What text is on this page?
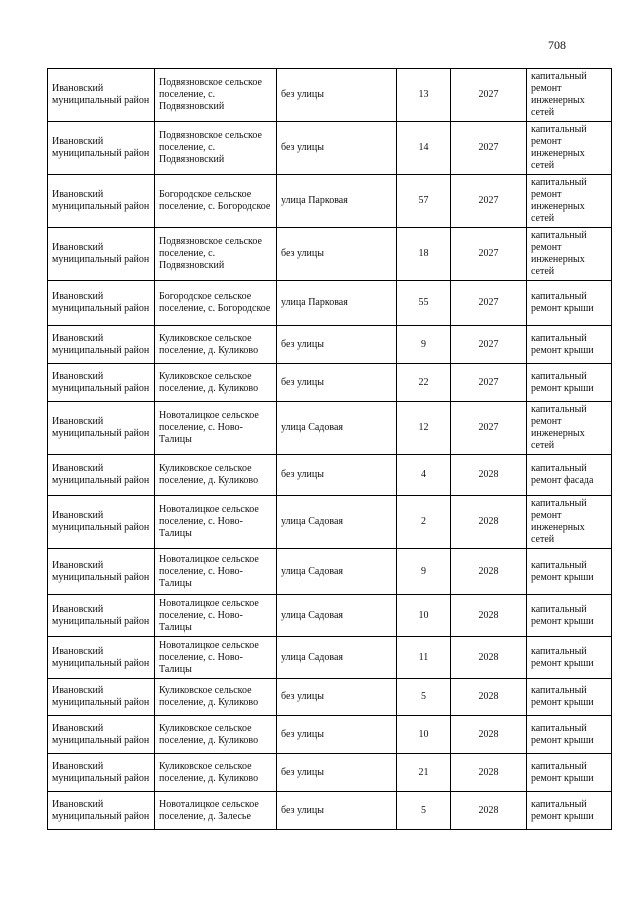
708
Ивановский муниципальный район	Подвязновское сельское поселение, с. Подвязновский	без улицы	13	2027	капитальный ремонт инженерных сетей
Ивановский муниципальный район	Подвязновское сельское поселение, с. Подвязновский	без улицы	14	2027	капитальный ремонт инженерных сетей
Ивановский муниципальный район	Богородское сельское поселение, с. Богородское	улица Парковая	57	2027	капитальный ремонт инженерных сетей
Ивановский муниципальный район	Подвязновское сельское поселение, с. Подвязновский	без улицы	18	2027	капитальный ремонт инженерных сетей
Ивановский муниципальный район	Богородское сельское поселение, с. Богородское	улица Парковая	55	2027	капитальный ремонт крыши
Ивановский муниципальный район	Куликовское сельское поселение, д. Куликово	без улицы	9	2027	капитальный ремонт крыши
Ивановский муниципальный район	Куликовское сельское поселение, д. Куликово	без улицы	22	2027	капитальный ремонт крыши
Ивановский муниципальный район	Новоталицкое сельское поселение, с. Ново-Талицы	улица Садовая	12	2027	капитальный ремонт инженерных сетей
Ивановский муниципальный район	Куликовское сельское поселение, д. Куликово	без улицы	4	2028	капитальный ремонт фасада
Ивановский муниципальный район	Новоталицкое сельское поселение, с. Ново-Талицы	улица Садовая	2	2028	капитальный ремонт инженерных сетей
Ивановский муниципальный район	Новоталицкое сельское поселение, с. Ново-Талицы	улица Садовая	9	2028	капитальный ремонт крыши
Ивановский муниципальный район	Новоталицкое сельское поселение, с. Ново-Талицы	улица Садовая	10	2028	капитальный ремонт крыши
Ивановский муниципальный район	Новоталицкое сельское поселение, с. Ново-Талицы	улица Садовая	11	2028	капитальный ремонт крыши
Ивановский муниципальный район	Куликовское сельское поселение, д. Куликово	без улицы	5	2028	капитальный ремонт крыши
Ивановский муниципальный район	Куликовское сельское поселение, д. Куликово	без улицы	10	2028	капитальный ремонт крыши
Ивановский муниципальный район	Куликовское сельское поселение, д. Куликово	без улицы	21	2028	капитальный ремонт крыши
Ивановский муниципальный район	Новоталицкое сельское поселение, д. Залесье	без улицы	5	2028	капитальный ремонт крыши
